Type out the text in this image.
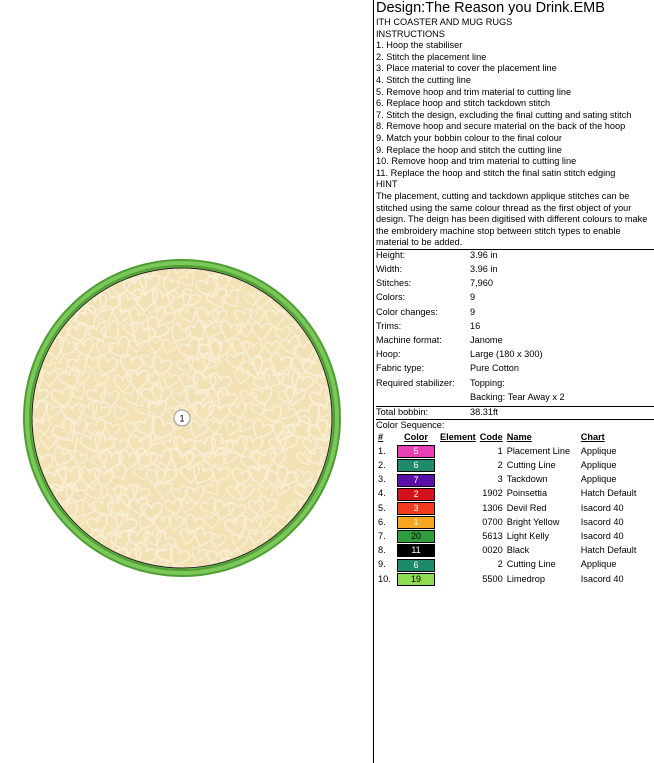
1
Design:The Reason you Drink.EMB
ITH COASTER AND MUG RUGS
INSTRUCTIONS
1. Hoop the stabiliser
2. Stitch the placement line
3. Place material to cover the placement line
4. Stitch the cutting line
5. Remove hoop and trim material to cutting line
6. Replace hoop and stitch tackdown stitch
7. Stitch the design, excluding the final cutting and sating stitch
8. Remove hoop and secure material on the back of the hoop
9. Match your bobbin colour to the final colour
9. Replace the hoop and stitch the cutting line
10. Remove hoop and trim material to cutting line
11. Replace the hoop and stitch the final satin stitch edging
HINT
The placement, cutting and tackdown applique stitches can be stitched using the same colour thread as the first object of your design. The deign has been digitised with different colours to make the embroidery machine stop between stitch types to enable material to be added.
Height:	3.96 in
Width:	3.96 in
Stitches:	7,960
Colors:	9
Color changes:	9
Trims:	16
Machine format:	Janome
Hoop:	Large (180 x 300)
Fabric type:	Pure Cotton
Required stabilizer:	Topping:
	Backing: Tear Away x 2
Total bobbin:	38.31ft
Color Sequence:
#	Color	Element	Code	Name	Chart
1.	5		1	Placement Line	Applique
2.	6		2	Cutting Line	Applique
3.	7		3	Tackdown	Applique
4.	2		1902	Poinsettia	Hatch Default
5.	3		1306	Devil Red	Isacord 40
6.	1		0700	Bright Yellow	Isacord 40
7.	20		5613	Light Kelly	Isacord 40
8.	11		0020	Black	Hatch Default
9.	6		2	Cutting Line	Applique
10.	19		5500	Limedrop	Isacord 40
